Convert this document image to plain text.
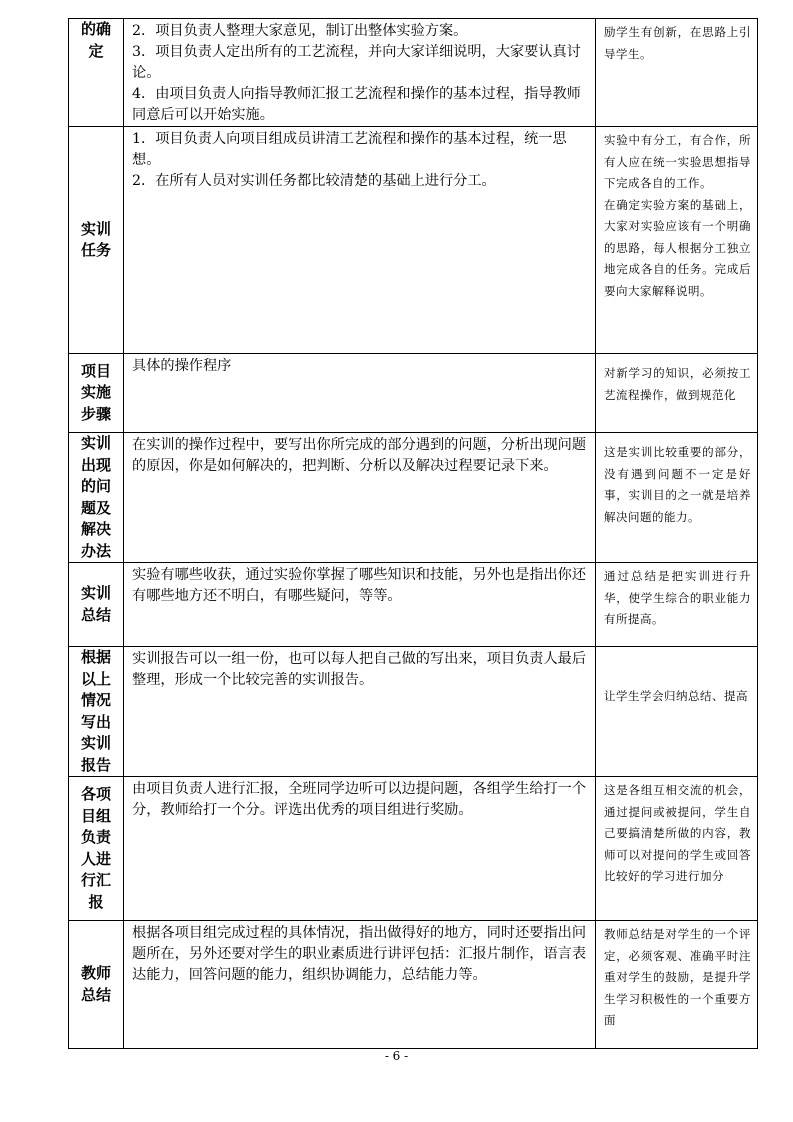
的确定	2．项目负责人整理大家意见，制订出整体实验方案。
3．项目负责人定出所有的工艺流程，并向大家详细说明，大家要认真讨论。
4．由项目负责人向指导教师汇报工艺流程和操作的基本过程，指导教师同意后可以开始实施。	励学生有创新，在思路上引导学生。

实训任务	1．项目负责人向项目组成员讲清工艺流程和操作的基本过程，统一思想。
2．在所有人员对实训任务都比较清楚的基础上进行分工。	实验中有分工，有合作，所有人应在统一实验思想指导下完成各自的工作。
在确定实验方案的基础上，大家对实验应该有一个明确的思路，每人根据分工独立地完成各自的任务。完成后要向大家解释说明。

项目实施步骤	具体的操作程序	对新学习的知识，必须按工艺流程操作，做到规范化

实训出现的问题及解决办法	在实训的操作过程中，要写出你所完成的部分遇到的问题，分析出现问题的原因，你是如何解决的，把判断、分析以及解决过程要记录下来。	这是实训比较重要的部分，没有遇到问题不一定是好事，实训目的之一就是培养解决问题的能力。

实训总结	实验有哪些收获，通过实验你掌握了哪些知识和技能，另外也是指出你还有哪些地方还不明白，有哪些疑问，等等。	通过总结是把实训进行升华，使学生综合的职业能力有所提高。

根据以上情况写出实训报告	实训报告可以一组一份，也可以每人把自己做的写出来，项目负责人最后整理，形成一个比较完善的实训报告。	让学生学会归纳总结、提高

各项目组负责人进行汇报	由项目负责人进行汇报，全班同学边听可以边提问题，各组学生给打一个分，教师给打一个分。评选出优秀的项目组进行奖励。	这是各组互相交流的机会，通过提问或被提问，学生自己要搞清楚所做的内容，教师可以对提问的学生或回答比较好的学习进行加分

教师总结	根据各项目组完成过程的具体情况，指出做得好的地方，同时还要指出问题所在，另外还要对学生的职业素质进行讲评包括：汇报片制作，语言表达能力，回答问题的能力，组织协调能力，总结能力等。	教师总结是对学生的一个评定，必须客观、准确平时注重对学生的鼓励，是提升学生学习积极性的一个重要方面
- 6 -
